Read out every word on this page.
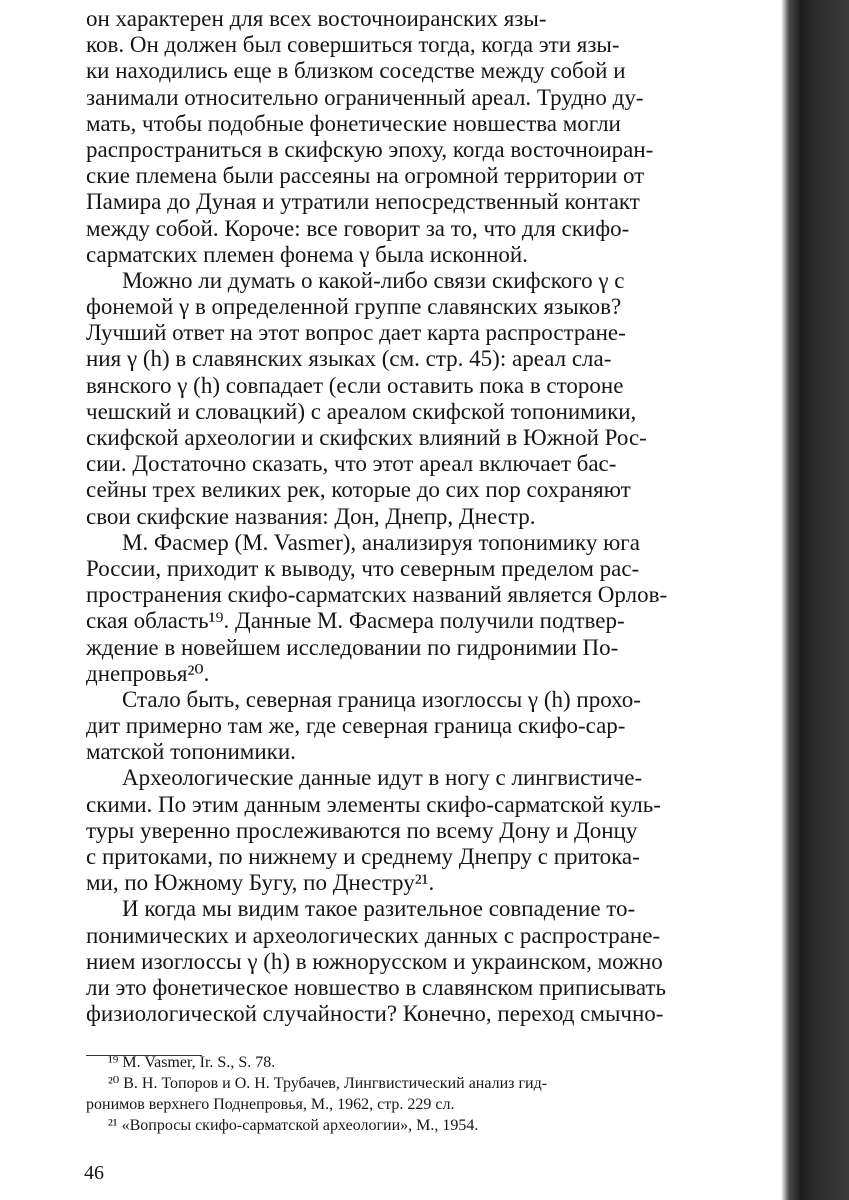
он характерен для всех восточноиранских язы-
ков. Он должен был совершиться тогда, когда эти язы-
ки находились еще в близком соседстве между собой и
занимали относительно ограниченный ареал. Трудно ду-
мать, чтобы подобные фонетические новшества могли
распространиться в скифскую эпоху, когда восточноиран-
ские племена были рассеяны на огромной территории от
Памира до Дуная и утратили непосредственный контакт
между собой. Короче: все говорит за то, что для скифо-
сарматских племен фонема γ была исконной.
Можно ли думать о какой-либо связи скифского γ с
фонемой γ в определенной группе славянских языков?
Лучший ответ на этот вопрос дает карта распростране-
ния γ (h) в славянских языках (см. стр. 45): ареал сла-
вянского γ (h) совпадает (если оставить пока в стороне
чешский и словацкий) с ареалом скифской топонимики,
скифской археологии и скифских влияний в Южной Рос-
сии. Достаточно сказать, что этот ареал включает бас-
сейны трех великих рек, которые до сих пор сохраняют
свои скифские названия: Дон, Днепр, Днестр.
М. Фасмер (M. Vasmer), анализируя топонимику юга
России, приходит к выводу, что северным пределом рас-
пространения скифо-сарматских названий является Орлов-
ская область¹⁹. Данные М. Фасмера получили подтвер-
ждение в новейшем исследовании по гидронимии По-
днепровья²⁰.
Стало быть, северная граница изоглоссы γ (h) прохо-
дит примерно там же, где северная граница скифо-сар-
матской топонимики.
Археологические данные идут в ногу с лингвистиче-
скими. По этим данным элементы скифо-сарматской куль-
туры уверенно прослеживаются по всему Дону и Донцу
с притоками, по нижнему и среднему Днепру с притока-
ми, по Южному Бугу, по Днестру²¹.
И когда мы видим такое разительное совпадение то-
понимических и археологических данных с распростране-
нием изоглоссы γ (h) в южнорусском и украинском, можно
ли это фонетическое новшество в славянском приписывать
физиологической случайности? Конечно, переход смычно-
¹⁹ M. Vasmer, Ir. S., S. 78.
²⁰ В. Н. Топоров и О. Н. Трубачев, Лингвистический анализ гид-
ронимов верхнего Поднепровья, М., 1962, стр. 229 сл.
²¹ «Вопросы скифо-сарматской археологии», М., 1954.
46
